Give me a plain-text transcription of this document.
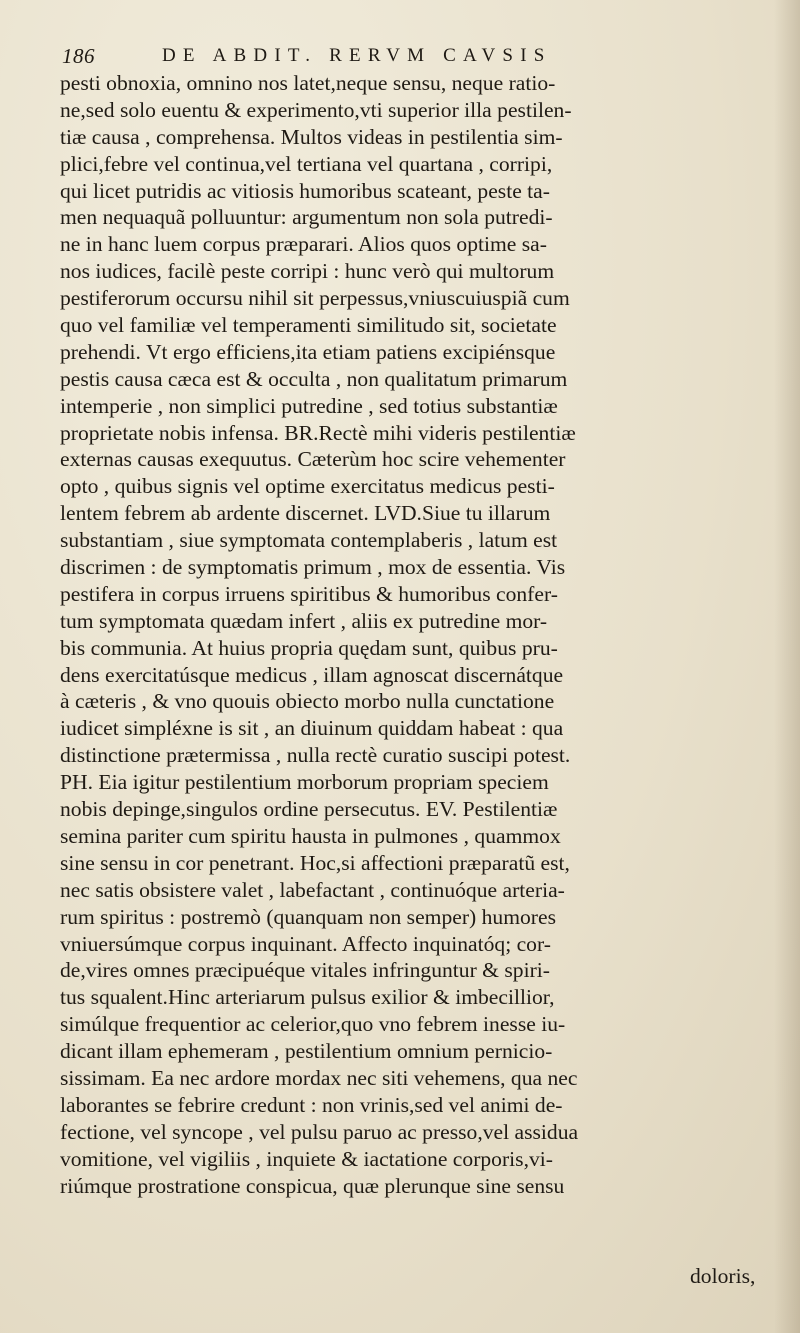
186	DE ABDIT. RERVM CAVSIS
pesti obnoxia, omnino nos latet,neque sensu, neque ratio-
ne,sed solo euentu & experimento,vti superior illa pestilen-
tiæ causa , comprehensa. Multos videas in pestilentia sim-
plici,febre vel continua,vel tertiana vel quartana , corripi,
qui licet putridis ac vitiosis humoribus scateant, peste ta-
men nequaquã polluuntur: argumentum non sola putredi-
ne in hanc luem corpus præparari. Alios quos optime sa-
nos iudices, facilè peste corripi : hunc verò qui multorum
pestiferorum occursu nihil sit perpessus,vniuscuiuspiã cum
quo vel familiæ vel temperamenti similitudo sit, societate
prehendi. Vt ergo efficiens,ita etiam patiens excipiénsque
pestis causa cæca est & occulta , non qualitatum primarum
intemperie , non simplici putredine , sed totius substantiæ
proprietate nobis infensa. BR.Rectè mihi videris pestilentiæ
externas causas exequutus. Cæterùm hoc scire vehementer
opto , quibus signis vel optime exercitatus medicus pesti-
lentem febrem ab ardente discernet. LVD.Siue tu illarum
substantiam , siue symptomata contemplaberis , latum est
discrimen : de symptomatis primum , mox de essentia. Vis
pestifera in corpus irruens spiritibus & humoribus confer-
tum symptomata quædam infert , aliis ex putredine mor-
bis communia. At huius propria quędam sunt, quibus pru-
dens exercitatúsque medicus , illam agnoscat discernátque
à cæteris , & vno quouis obiecto morbo nulla cunctatione
iudicet simpléxne is sit , an diuinum quiddam habeat : qua
distinctione prætermissa , nulla rectè curatio suscipi potest.
PH. Eia igitur pestilentium morborum propriam speciem
nobis depinge,singulos ordine persecutus. EV. Pestilentiæ
semina pariter cum spiritu hausta in pulmones , quammox
sine sensu in cor penetrant. Hoc,si affectioni præparatũ est,
nec satis obsistere valet , labefactant , continuóque arteria-
rum spiritus : postremò (quanquam non semper) humores
vniuersúmque corpus inquinant. Affecto inquinatóq; cor-
de,vires omnes præcipuéque vitales infringuntur & spiri-
tus squalent.Hinc arteriarum pulsus exilior & imbecillior,
simúlque frequentior ac celerior,quo vno febrem inesse iu-
dicant illam ephemeram , pestilentium omnium pernicio-
sissimam. Ea nec ardore mordax nec siti vehemens, qua nec
laborantes se febrire credunt : non vrinis,sed vel animi de-
fectione, vel syncope , vel pulsu paruo ac presso,vel assidua
vomitione, vel vigiliis , inquiete & iactatione corporis,vi-
riúmque prostratione conspicua, quæ plerunque sine sensu
doloris,
